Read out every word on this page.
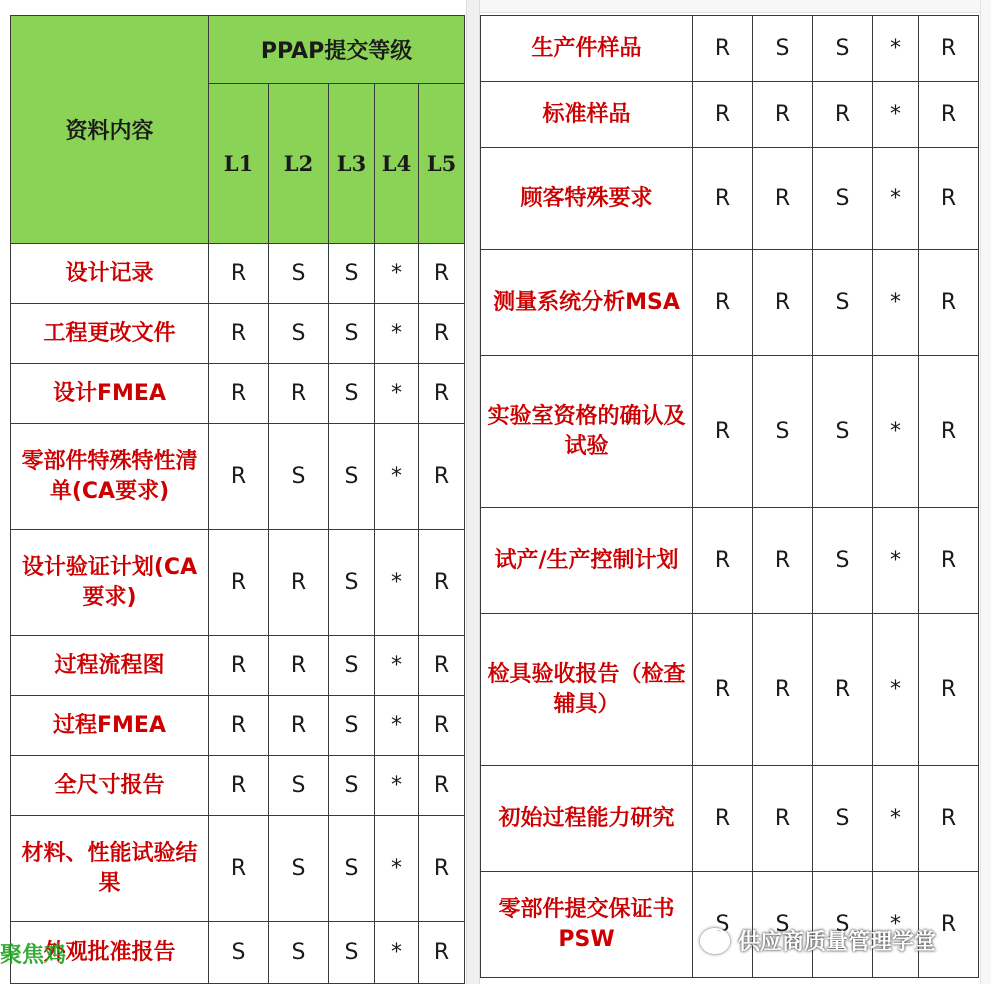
资料内容	PPAP提交等级				
	L1	L2	L3	L4	L5
设计记录	R	S	S	*	R
工程更改文件	R	S	S	*	R
设计FMEA	R	R	S	*	R
零部件特殊特性清单(CA要求)	R	S	S	*	R
设计验证计划(CA要求)	R	R	S	*	R
过程流程图	R	R	S	*	R
过程FMEA	R	R	S	*	R
全尺寸报告	R	S	S	*	R
材料、性能试验结果	R	S	S	*	R
外观批准报告	S	S	S	*	R
生产件样品	R	S	S	*	R
标准样品	R	R	R	*	R
顾客特殊要求	R	R	S	*	R
测量系统分析MSA	R	R	S	*	R
实验室资格的确认及试验	R	S	S	*	R
试产/生产控制计划	R	R	S	*	R
检具验收报告（检查辅具）	R	R	R	*	R
初始过程能力研究	R	R	S	*	R
零部件提交保证书PSW	S	S	S	*	R
聚焦鸡
供应商质量管理学堂
